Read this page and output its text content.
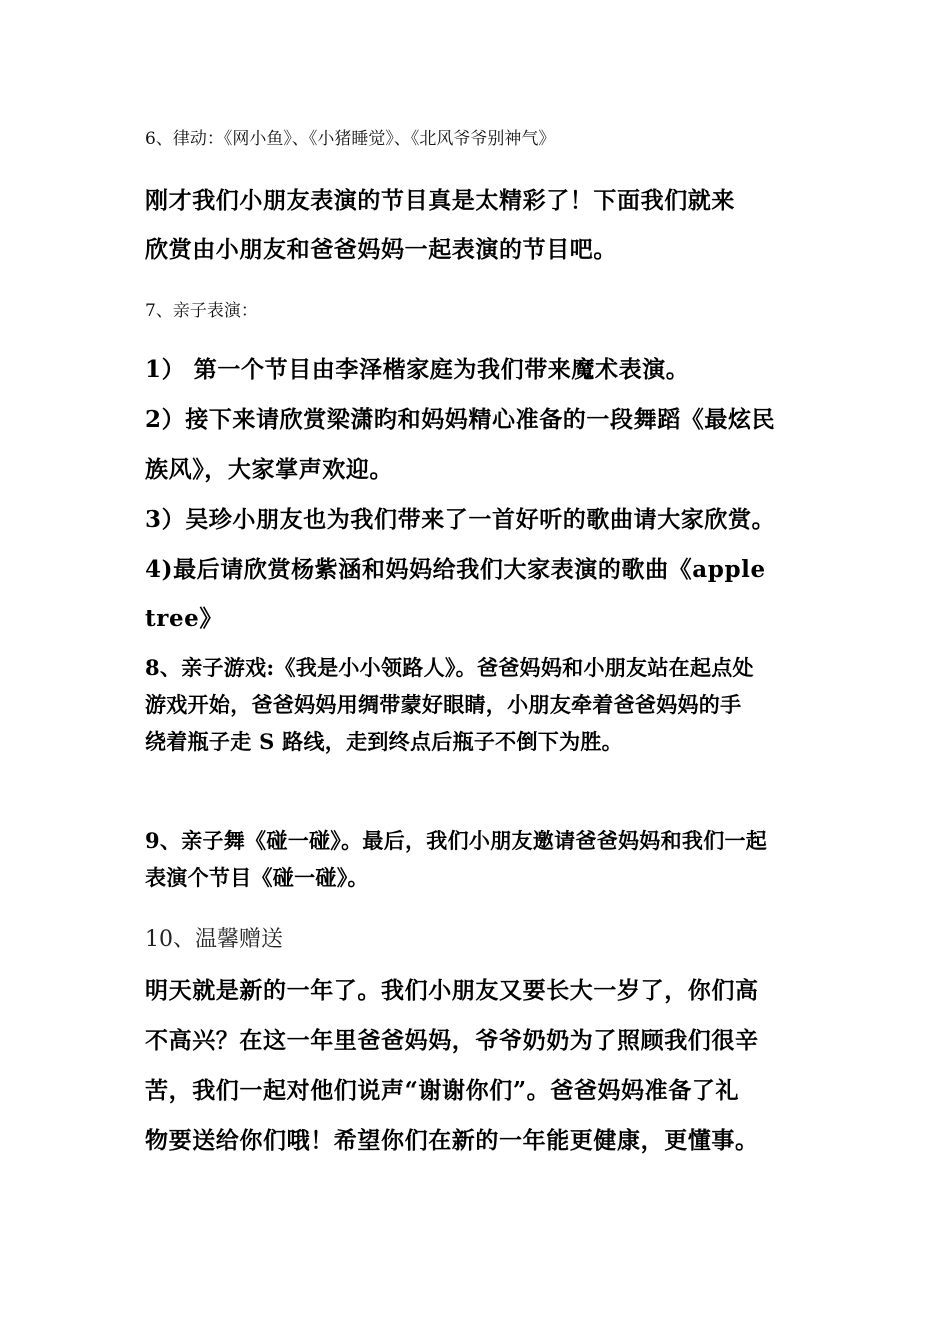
6、律动：《网小鱼》、《小猪睡觉》、《北风爷爷别神气》

刚才我们小朋友表演的节目真是太精彩了！下面我们就来

欣赏由小朋友和爸爸妈妈一起表演的节目吧。

7、亲子表演：

1） 第一个节目由李泽楷家庭为我们带来魔术表演。

2）接下来请欣赏梁潇昀和妈妈精心准备的一段舞蹈《最炫民

族风》，大家掌声欢迎。

3）吴珍小朋友也为我们带来了一首好听的歌曲请大家欣赏。

4)最后请欣赏杨紫涵和妈妈给我们大家表演的歌曲《apple

tree》

8、亲子游戏:《我是小小领路人》。爸爸妈妈和小朋友站在起点处

游戏开始，爸爸妈妈用绸带蒙好眼睛，小朋友牵着爸爸妈妈的手

绕着瓶子走 S 路线，走到终点后瓶子不倒下为胜。

9、亲子舞《碰一碰》。最后，我们小朋友邀请爸爸妈妈和我们一起

表演个节目《碰一碰》。

10、温馨赠送

明天就是新的一年了。我们小朋友又要长大一岁了，你们高

不高兴？在这一年里爸爸妈妈，爷爷奶奶为了照顾我们很辛

苦，我们一起对他们说声“谢谢你们”。爸爸妈妈准备了礼

物要送给你们哦！希望你们在新的一年能更健康，更懂事。
